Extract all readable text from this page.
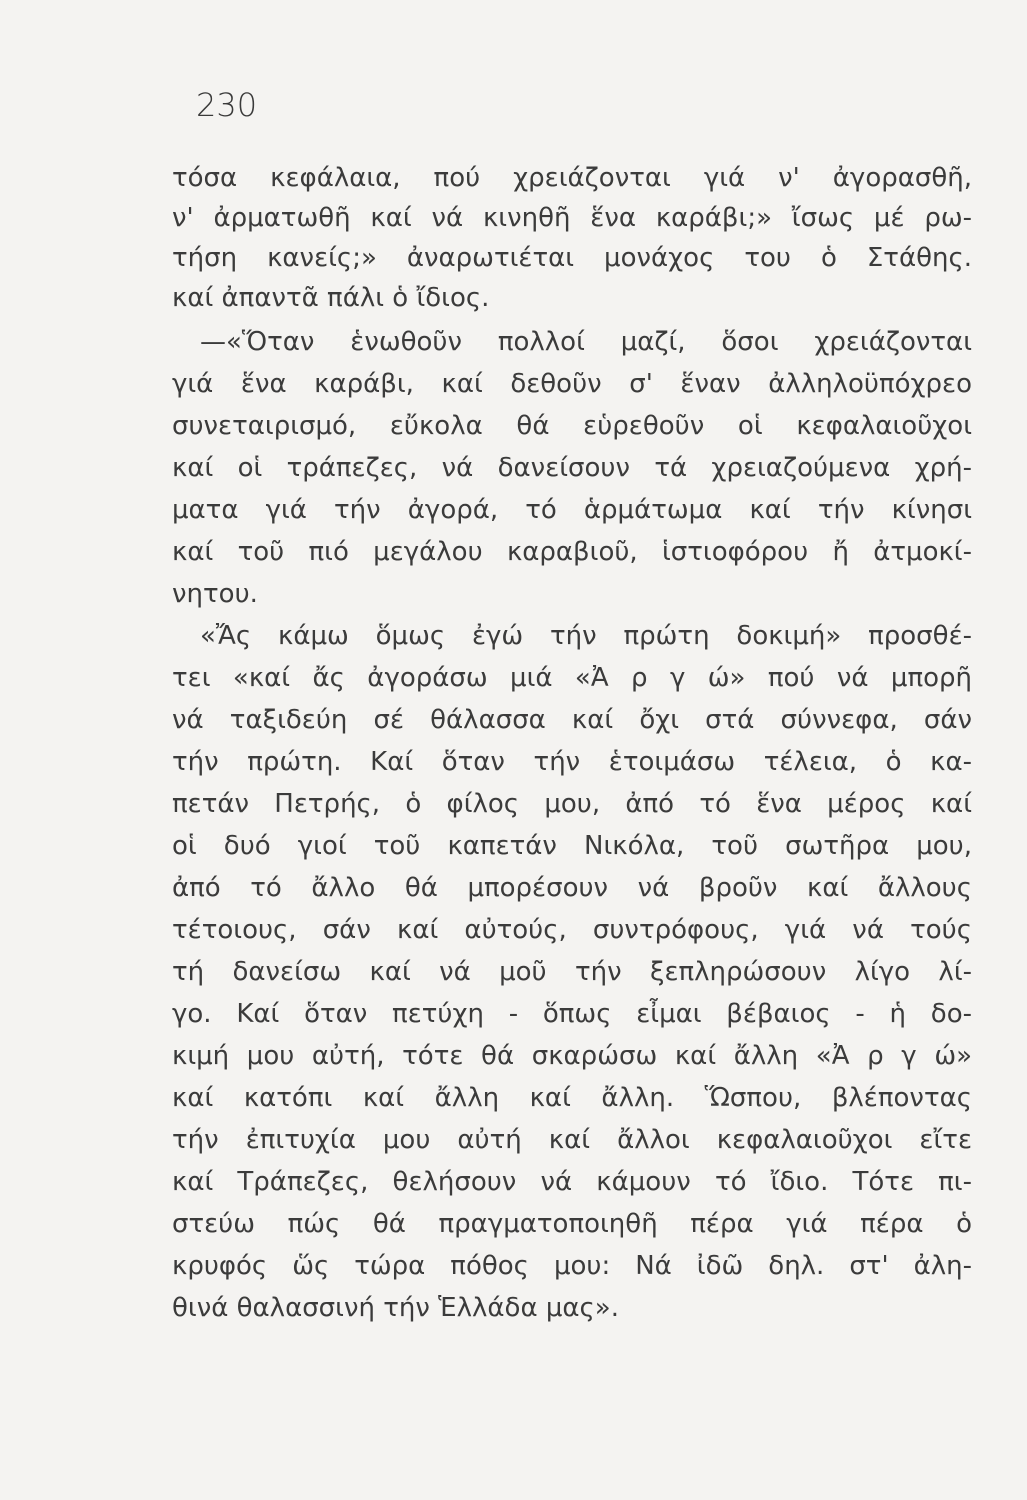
230
τόσα κεφάλαια, πού χρειάζονται γιά ν' ἀγορασθῆ,
ν' ἀρματωθῆ καί νά κινηθῆ ἕνα καράβι;» ἴσως μέ ρω-
τήση κανείς;» ἀναρωτιέται μονάχος του ὁ Στάθης.
καί ἀπαντᾶ πάλι ὁ ἴδιος.
—«Ὅταν ἑνωθοῦν πολλοί μαζί, ὅσοι χρειάζονται
γιά ἕνα καράβι, καί δεθοῦν σ' ἕναν ἀλληλοϋπόχρεο
συνεταιρισμό, εὔκολα θά εὑρεθοῦν οἱ κεφαλαιοῦχοι
καί οἱ τράπεζες, νά δανείσουν τά χρειαζούμενα χρή-
ματα γιά τήν ἀγορά, τό ἁρμάτωμα καί τήν κίνησι
καί τοῦ πιό μεγάλου καραβιοῦ, ἱστιοφόρου ἤ ἀτμοκί-
νητου.
«Ἄς κάμω ὅμως ἐγώ τήν πρώτη δοκιμή» προσθέ-
τει «καί ἄς ἀγοράσω μιά «Ἀ ρ γ ώ» πού νά μπορῆ
νά ταξιδεύη σέ θάλασσα καί ὄχι στά σύννεφα, σάν
τήν πρώτη. Καί ὅταν τήν ἑτοιμάσω τέλεια, ὁ κα-
πετάν Πετρής, ὁ φίλος μου, ἀπό τό ἕνα μέρος καί
οἱ δυό γιοί τοῦ καπετάν Νικόλα, τοῦ σωτῆρα μου,
ἀπό τό ἄλλο θά μπορέσουν νά βροῦν καί ἄλλους
τέτοιους, σάν καί αὐτούς, συντρόφους, γιά νά τούς
τή δανείσω καί νά μοῦ τήν ξεπληρώσουν λίγο λί-
γο. Καί ὅταν πετύχη - ὅπως εἶμαι βέβαιος - ἡ δο-
κιμή μου αὐτή, τότε θά σκαρώσω καί ἄλλη «Ἀ ρ γ ώ»
καί κατόπι καί ἄλλη καί ἄλλη. Ὥσπου, βλέποντας
τήν ἐπιτυχία μου αὐτή καί ἄλλοι κεφαλαιοῦχοι εἴτε
καί Τράπεζες, θελήσουν νά κάμουν τό ἴδιο. Τότε πι-
στεύω πώς θά πραγματοποιηθῆ πέρα γιά πέρα ὁ
κρυφός ὥς τώρα πόθος μου: Νά ἰδῶ δηλ. στ' ἀλη-
θινά θαλασσινή τήν Ἑλλάδα μας».
